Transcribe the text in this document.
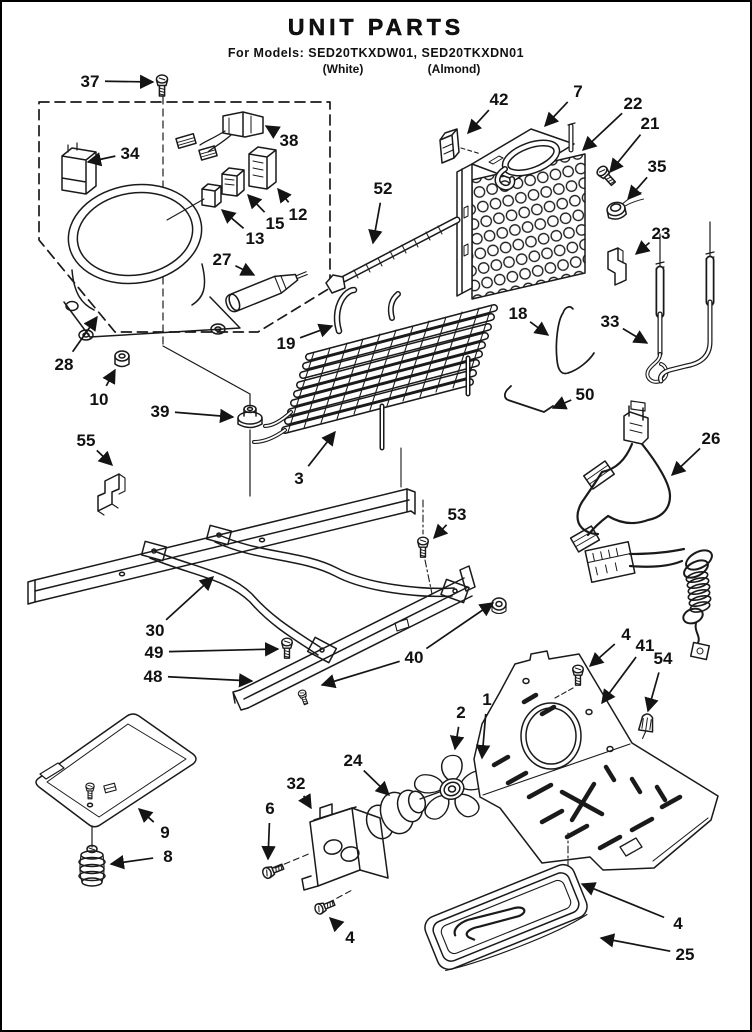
UNIT PARTS
For Models: SED20TKXDW01, SED20TKXDN01
(White)	(Almond)
37
34
38
12
15
13
27
42	7
22
21
35
23
52
19
18	33
28
10
39
55
50
26
3
53
30
49
48
40
4
41
54
1
2
24
32
6
4
9
8
25
4
